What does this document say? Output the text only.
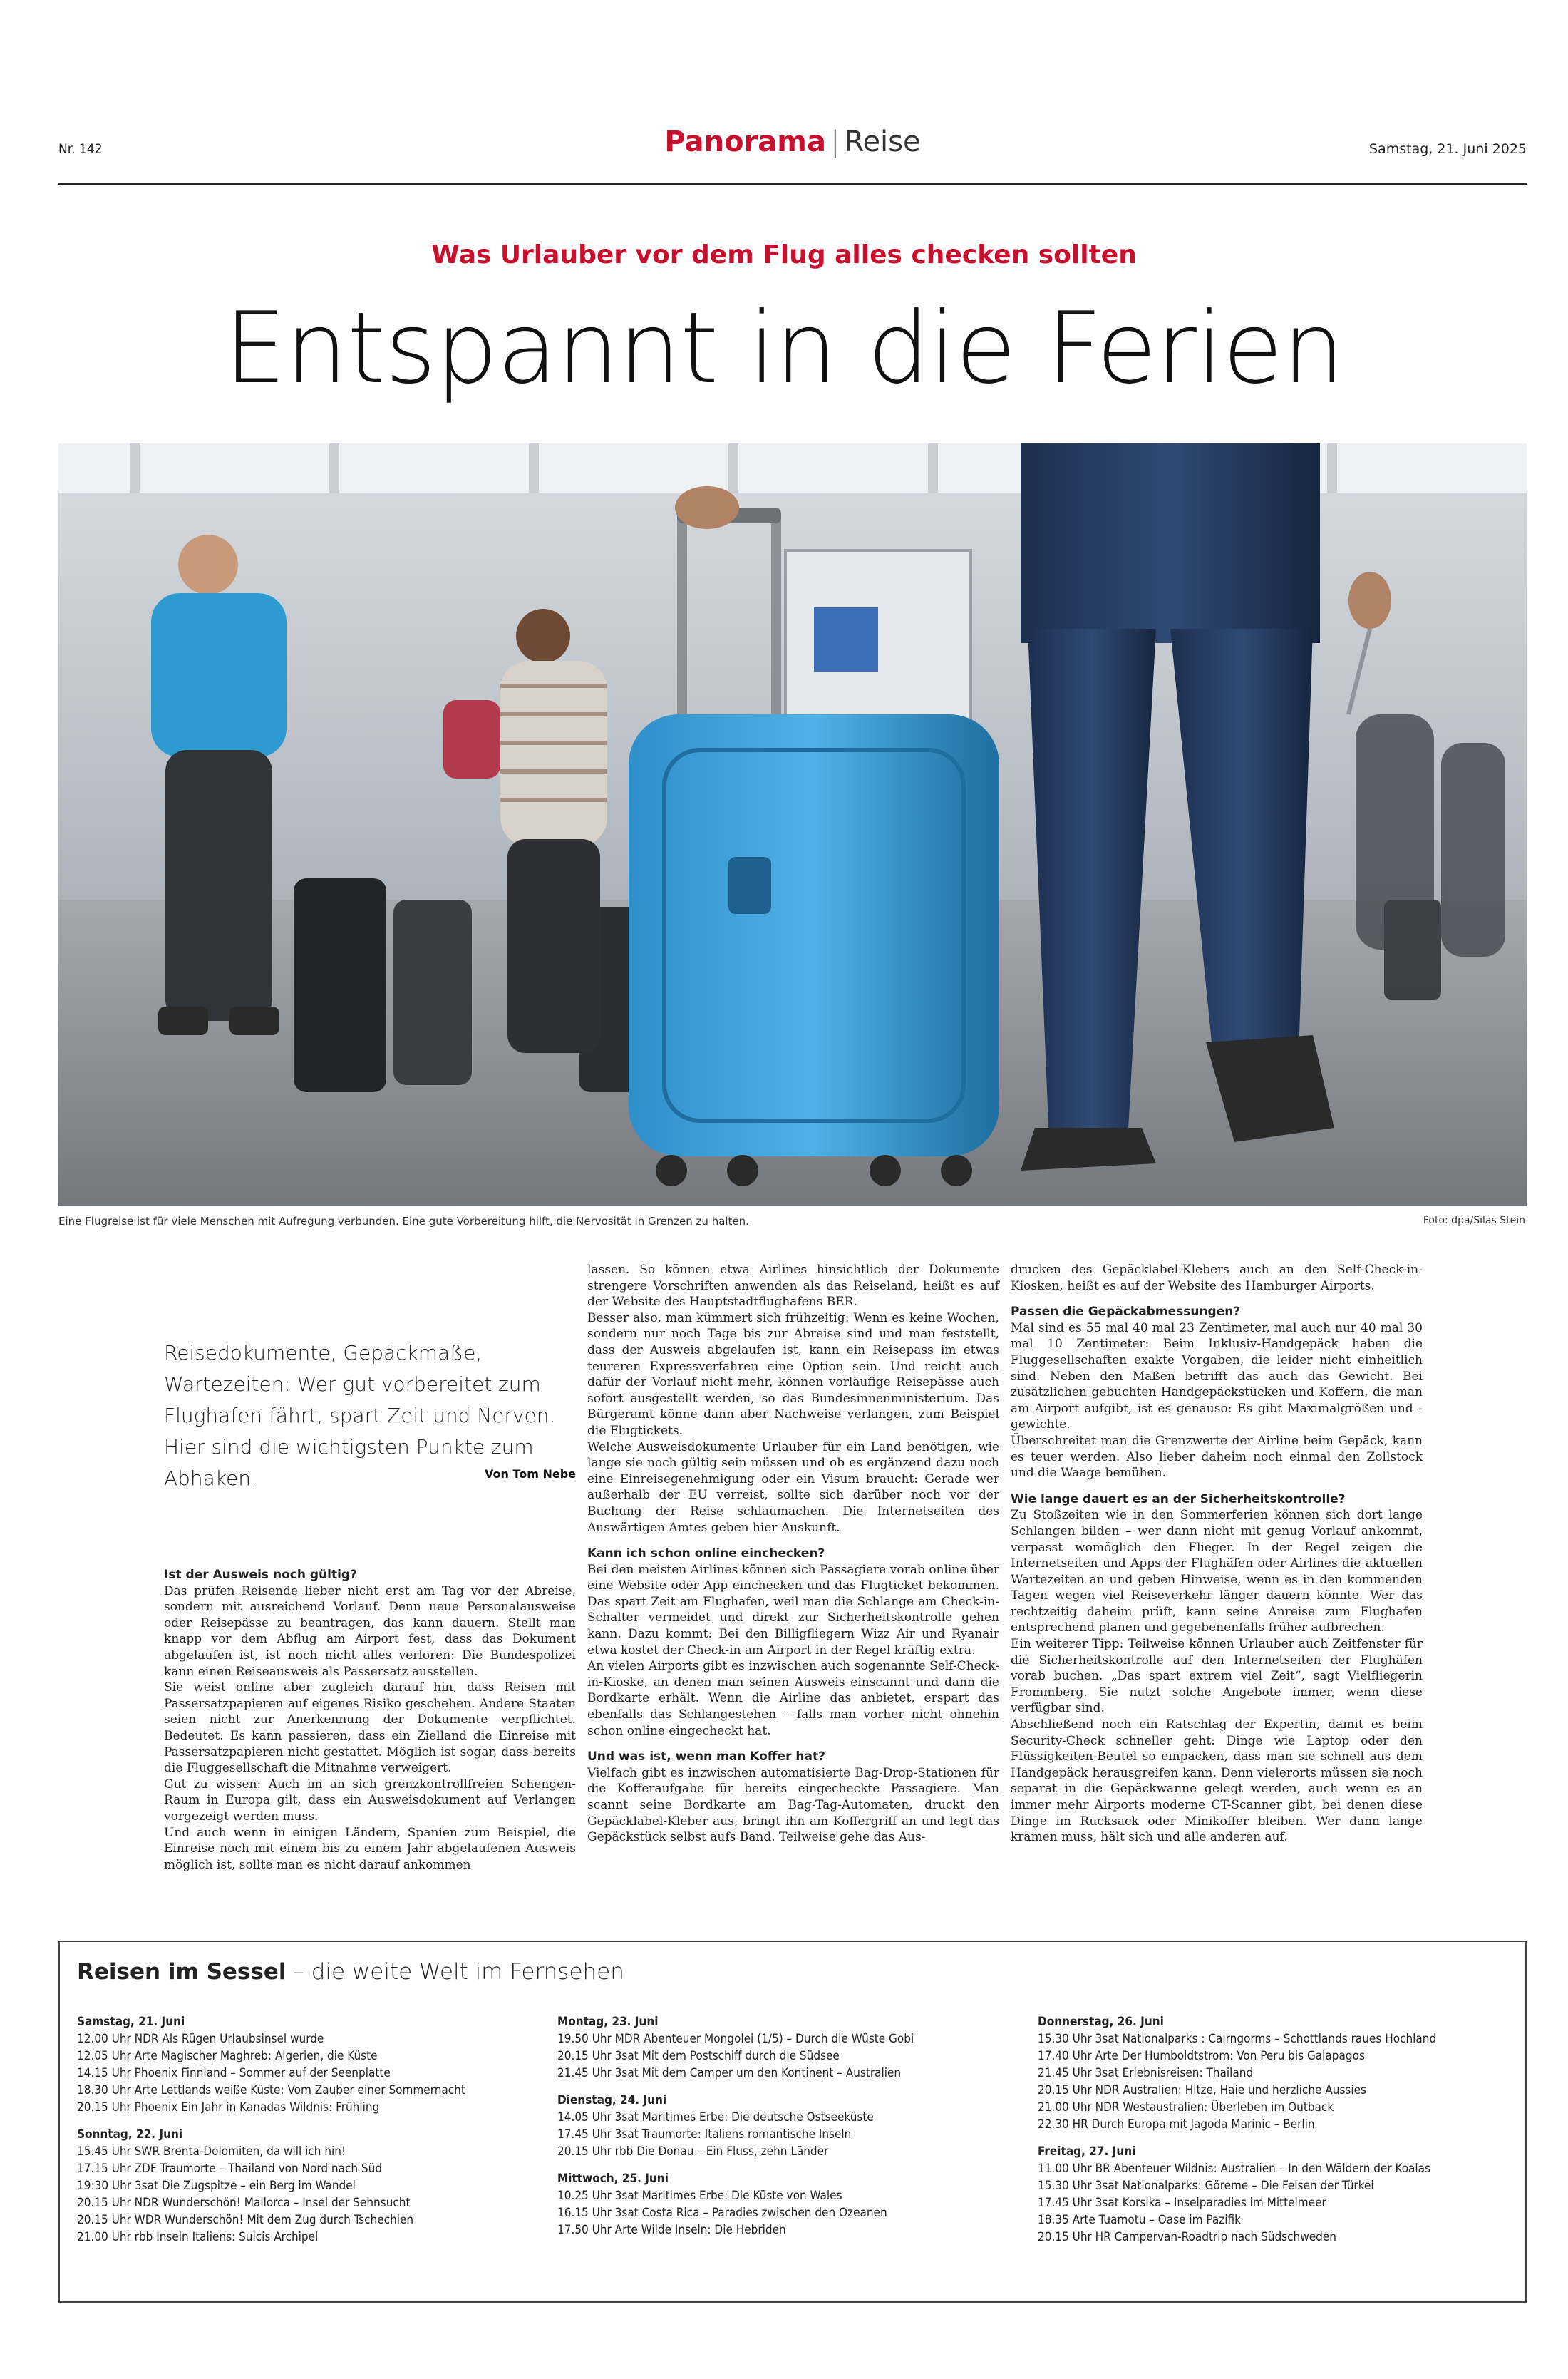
Nr. 142	Panorama | Reise	Samstag, 21. Juni 2025
Was Urlauber vor dem Flug alles checken sollten
Entspannt in die Ferien
Eine Flugreise ist für viele Menschen mit Aufregung verbunden. Eine gute Vorbereitung hilft, die Nervosität in Grenzen zu halten.	Foto: dpa/Silas Stein
Reisedokumente, Gepäckmaße, Wartezeiten: Wer gut vorbereitet zum Flughafen fährt, spart Zeit und Nerven. Hier sind die wichtigsten Punkte zum Abhaken.	Von Tom Nebe
Ist der Ausweis noch gültig?

Das prüfen Reisende lieber nicht erst am Tag vor der Abreise, sondern mit ausreichend Vorlauf. Denn neue Personalausweise oder Reisepässe zu beantragen, das kann dauern. Stellt man knapp vor dem Abflug am Airport fest, dass das Dokument abgelaufen ist, ist noch nicht alles verloren: Die Bundespolizei kann einen Reiseausweis als Passersatz ausstellen.

Sie weist online aber zugleich darauf hin, dass Reisen mit Passersatzpapieren auf eigenes Risiko geschehen. Andere Staaten seien nicht zur Anerkennung der Dokumente verpflichtet. Bedeutet: Es kann passieren, dass ein Zielland die Einreise mit Passersatzpapieren nicht gestattet. Möglich ist sogar, dass bereits die Fluggesellschaft die Mitnahme verweigert.

Gut zu wissen: Auch im an sich grenzkontrollfreien Schengen-Raum in Europa gilt, dass ein Ausweisdokument auf Verlangen vorgezeigt werden muss.

Und auch wenn in einigen Ländern, Spanien zum Beispiel, die Einreise noch mit einem bis zu einem Jahr abgelaufenen Ausweis möglich ist, sollte man es nicht darauf ankommen

lassen. So können etwa Airlines hinsichtlich der Dokumente strengere Vorschriften anwenden als das Reiseland, heißt es auf der Website des Hauptstadtflughafens BER.

Besser also, man kümmert sich frühzeitig: Wenn es keine Wochen, sondern nur noch Tage bis zur Abreise sind und man feststellt, dass der Ausweis abgelaufen ist, kann ein Reisepass im etwas teureren Expressverfahren eine Option sein. Und reicht auch dafür der Vorlauf nicht mehr, können vorläufige Reisepässe auch sofort ausgestellt werden, so das Bundesinnenministerium. Das Bürgeramt könne dann aber Nachweise verlangen, zum Beispiel die Flugtickets.

Welche Ausweisdokumente Urlauber für ein Land benötigen, wie lange sie noch gültig sein müssen und ob es ergänzend dazu noch eine Einreisegenehmigung oder ein Visum braucht: Gerade wer außerhalb der EU verreist, sollte sich darüber noch vor der Buchung der Reise schlaumachen. Die Internetseiten des Auswärtigen Amtes geben hier Auskunft.

Kann ich schon online einchecken?

Bei den meisten Airlines können sich Passagiere vorab online über eine Website oder App einchecken und das Flugticket bekommen. Das spart Zeit am Flughafen, weil man die Schlange am Check-in-Schalter vermeidet und direkt zur Sicherheitskontrolle gehen kann. Dazu kommt: Bei den Billigfliegern Wizz Air und Ryanair etwa kostet der Check-in am Airport in der Regel kräftig extra.

An vielen Airports gibt es inzwischen auch sogenannte Self-Check-in-Kioske, an denen man seinen Ausweis einscannt und dann die Bordkarte erhält. Wenn die Airline das anbietet, erspart das ebenfalls das Schlangestehen – falls man vorher nicht ohnehin schon online eingecheckt hat.

Und was ist, wenn man Koffer hat?

Vielfach gibt es inzwischen automatisierte Bag-Drop-Stationen für die Kofferaufgabe für bereits eingecheckte Passagiere. Man scannt seine Bordkarte am Bag-Tag-Automaten, druckt den Gepäcklabel-Kleber aus, bringt ihn am Koffergriff an und legt das Gepäckstück selbst aufs Band. Teilweise gehe das Aus-

drucken des Gepäcklabel-Klebers auch an den Self-Check-in-Kiosken, heißt es auf der Website des Hamburger Airports.

Passen die Gepäckabmessungen?

Mal sind es 55 mal 40 mal 23 Zentimeter, mal auch nur 40 mal 30 mal 10 Zentimeter: Beim Inklusiv-Handgepäck haben die Fluggesellschaften exakte Vorgaben, die leider nicht einheitlich sind. Neben den Maßen betrifft das auch das Gewicht. Bei zusätzlichen gebuchten Handgepäckstücken und Koffern, die man am Airport aufgibt, ist es genauso: Es gibt Maximalgrößen und -gewichte.

Überschreitet man die Grenzwerte der Airline beim Gepäck, kann es teuer werden. Also lieber daheim noch einmal den Zollstock und die Waage bemühen.

Wie lange dauert es an der Sicherheitskontrolle?

Zu Stoßzeiten wie in den Sommerferien können sich dort lange Schlangen bilden – wer dann nicht mit genug Vorlauf ankommt, verpasst womöglich den Flieger. In der Regel zeigen die Internetseiten und Apps der Flughäfen oder Airlines die aktuellen Wartezeiten an und geben Hinweise, wenn es in den kommenden Tagen wegen viel Reiseverkehr länger dauern könnte. Wer das rechtzeitig daheim prüft, kann seine Anreise zum Flughafen entsprechend planen und gegebenenfalls früher aufbrechen.

Ein weiterer Tipp: Teilweise können Urlauber auch Zeitfenster für die Sicherheitskontrolle auf den Internetseiten der Flughäfen vorab buchen. „Das spart extrem viel Zeit“, sagt Vielfliegerin Frommberg. Sie nutzt solche Angebote immer, wenn diese verfügbar sind.

Abschließend noch ein Ratschlag der Expertin, damit es beim Security-Check schneller geht: Dinge wie Laptop oder den Flüssigkeiten-Beutel so einpacken, dass man sie schnell aus dem Handgepäck herausgreifen kann. Denn vielerorts müssen sie noch separat in die Gepäckwanne gelegt werden, auch wenn es an immer mehr Airports moderne CT-Scanner gibt, bei denen diese Dinge im Rucksack oder Minikoffer bleiben. Wer dann lange kramen muss, hält sich und alle anderen auf.

Reisen im Sessel – die weite Welt im Fernsehen
Samstag, 21. Juni
12.00 Uhr NDR Als Rügen Urlaubsinsel wurde
12.05 Uhr Arte Magischer Maghreb: Algerien, die Küste
14.15 Uhr Phoenix Finnland – Sommer auf der Seenplatte
18.30 Uhr Arte Lettlands weiße Küste: Vom Zauber einer Sommernacht
20.15 Uhr Phoenix Ein Jahr in Kanadas Wildnis: Frühling
Sonntag, 22. Juni
15.45 Uhr SWR Brenta-Dolomiten, da will ich hin!
17.15 Uhr ZDF Traumorte – Thailand von Nord nach Süd
19:30 Uhr 3sat Die Zugspitze – ein Berg im Wandel
20.15 Uhr NDR Wunderschön! Mallorca – Insel der Sehnsucht
20.15 Uhr WDR Wunderschön! Mit dem Zug durch Tschechien
21.00 Uhr rbb Inseln Italiens: Sulcis Archipel
Montag, 23. Juni
19.50 Uhr MDR Abenteuer Mongolei (1/5) – Durch die Wüste Gobi
20.15 Uhr 3sat Mit dem Postschiff durch die Südsee
21.45 Uhr 3sat Mit dem Camper um den Kontinent – Australien
Dienstag, 24. Juni
14.05 Uhr 3sat Maritimes Erbe: Die deutsche Ostseeküste
17.45 Uhr 3sat Traumorte: Italiens romantische Inseln
20.15 Uhr rbb Die Donau – Ein Fluss, zehn Länder
Mittwoch, 25. Juni
10.25 Uhr 3sat Maritimes Erbe: Die Küste von Wales
16.15 Uhr 3sat Costa Rica – Paradies zwischen den Ozeanen
17.50 Uhr Arte Wilde Inseln: Die Hebriden
Donnerstag, 26. Juni
15.30 Uhr 3sat Nationalparks : Cairngorms – Schottlands raues Hochland
17.40 Uhr Arte Der Humboldtstrom: Von Peru bis Galapagos
21.45 Uhr 3sat Erlebnisreisen: Thailand
20.15 Uhr NDR Australien: Hitze, Haie und herzliche Aussies
21.00 Uhr NDR Westaustralien: Überleben im Outback
22.30 HR Durch Europa mit Jagoda Marinic – Berlin
Freitag, 27. Juni
11.00 Uhr BR Abenteuer Wildnis: Australien – In den Wäldern der Koalas
15.30 Uhr 3sat Nationalparks: Göreme – Die Felsen der Türkei
17.45 Uhr 3sat Korsika – Inselparadies im Mittelmeer
18.35 Arte Tuamotu – Oase im Pazifik
20.15 Uhr HR Campervan-Roadtrip nach Südschweden
